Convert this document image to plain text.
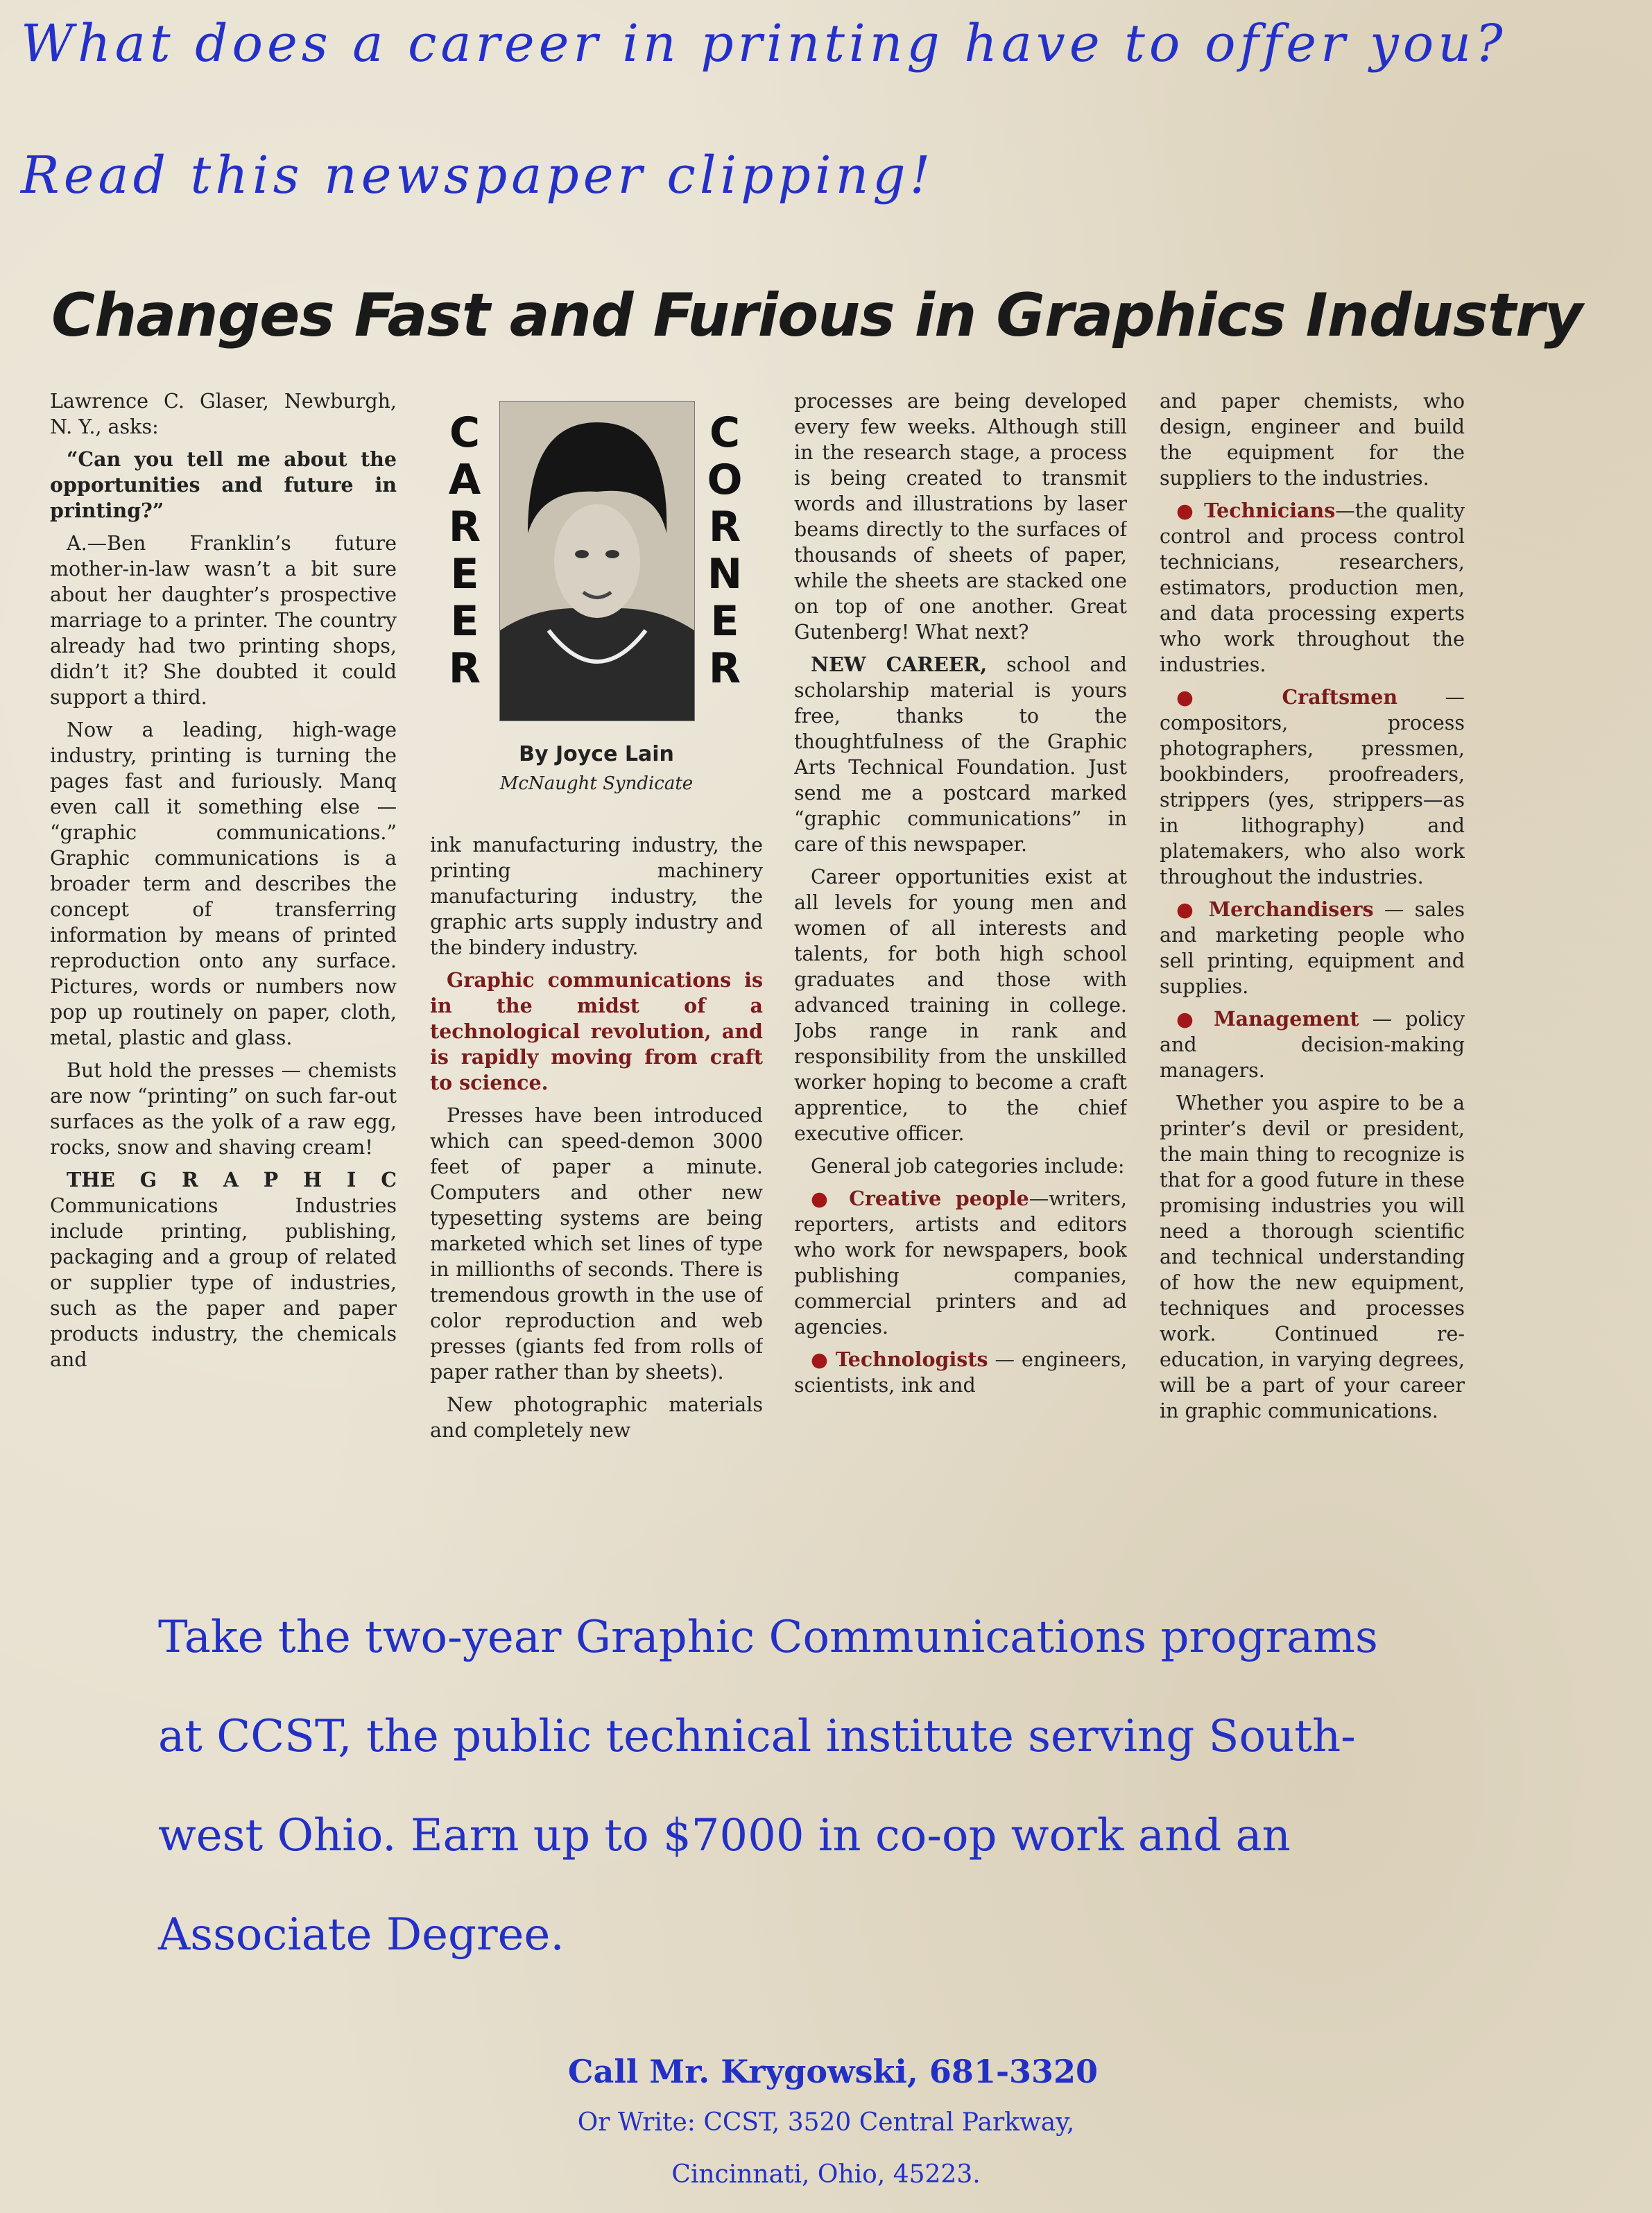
What does a career in printing have to offer you?
Read this newspaper clipping!
Changes Fast and Furious in Graphics Industry

Lawrence C. Glaser, Newburgh, N. Y., asks:

“Can you tell me about the opportunities and future in printing?”

A.—Ben Franklin’s future mother-in-law wasn’t a bit sure about her daughter’s prospective marriage to a printer. The country already had two printing shops, didn’t it? She doubted it could support a third.

Now a leading, high-wage industry, printing is turning the pages fast and furiously. Manq even call it something else — “graphic communications.” Graphic communications is a broader term and describes the concept of transferring information by means of printed reproduction onto any surface. Pictures, words or numbers now pop up routinely on paper, cloth, metal, plastic and glass.

But hold the presses — chemists are now “printing” on such far-out surfaces as the yolk of a raw egg, rocks, snow and shaving cream!

THE G R A P H I C Communications Industries include printing, publishing, packaging and a group of related or supplier type of industries, such as the paper and paper products industry, the chemicals and

C
A
R
E
E
R
C
O
R
N
E
R
By Joyce Lain
McNaught Syndicate

ink manufacturing industry, the printing machinery manufacturing industry, the graphic arts supply industry and the bindery industry.

Graphic communications is in the midst of a technological revolution, and is rapidly moving from craft to science.

Presses have been introduced which can speed-demon 3000 feet of paper a minute. Computers and other new typesetting systems are being marketed which set lines of type in millionths of seconds. There is tremendous growth in the use of color reproduction and web presses (giants fed from rolls of paper rather than by sheets).

New photographic materials and completely new

processes are being developed every few weeks. Although still in the research stage, a process is being created to transmit words and illustrations by laser beams directly to the surfaces of thousands of sheets of paper, while the sheets are stacked one on top of one another. Great Gutenberg! What next?

NEW CAREER, school and scholarship material is yours free, thanks to the thoughtfulness of the Graphic Arts Technical Foundation. Just send me a postcard marked “graphic communications” in care of this newspaper.

Career opportunities exist at all levels for young men and women of all interests and talents, for both high school graduates and those with advanced training in college. Jobs range in rank and responsibility from the unskilled worker hoping to become a craft apprentice, to the chief executive officer.

General job categories include:

● Creative people—writers, reporters, artists and editors who work for newspapers, book publishing companies, commercial printers and ad agencies.

● Technologists — engineers, scientists, ink and

and paper chemists, who design, engineer and build the equipment for the suppliers to the industries.

● Technicians—the quality control and process control technicians, researchers, estimators, production men, and data processing experts who work throughout the industries.

● Craftsmen — compositors, process photographers, pressmen, bookbinders, proofreaders, strippers (yes, strippers—as in lithography) and platemakers, who also work throughout the industries.

● Merchandisers — sales and marketing people who sell printing, equipment and supplies.

● Management — policy and decision-making managers.

Whether you aspire to be a printer’s devil or president, the main thing to recognize is that for a good future in these promising industries you will need a thorough scientific and technical understanding of how the new equipment, techniques and processes work. Continued re-education, in varying degrees, will be a part of your career in graphic communications.

Take the two-year Graphic Communications programs
at CCST, the public technical institute serving South-
west Ohio. Earn up to $7000 in co-op work and an
Associate Degree.
Call Mr. Krygowski, 681-3320
Or Write: CCST, 3520 Central Parkway,
Cincinnati, Ohio, 45223.
